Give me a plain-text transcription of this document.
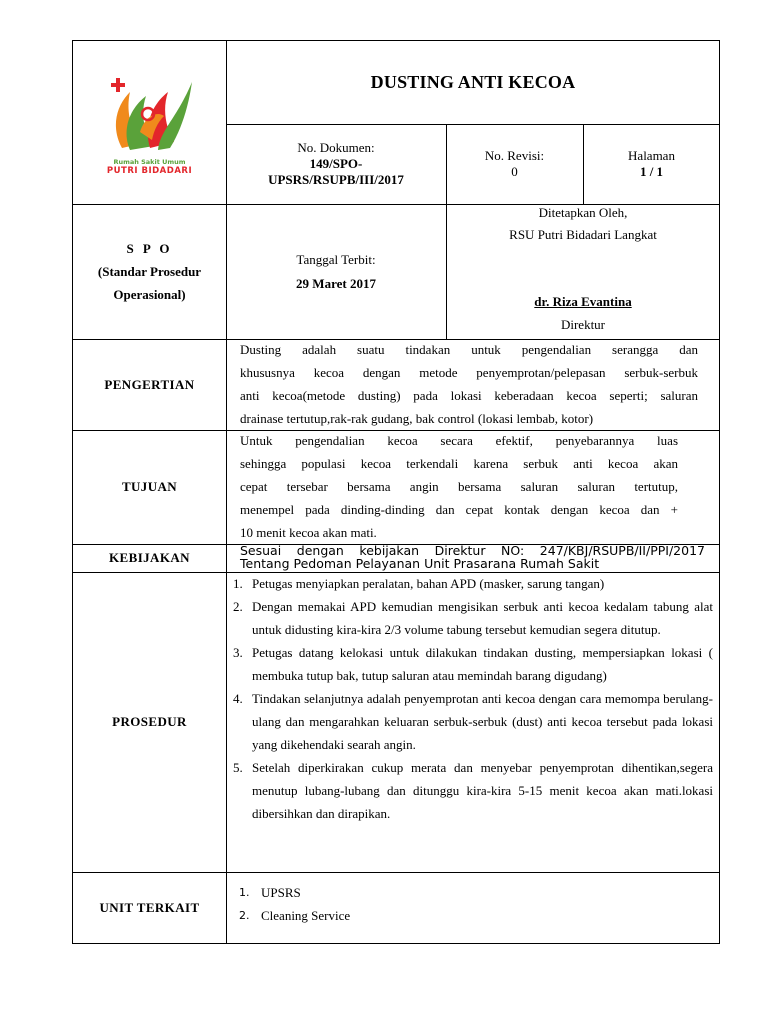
Rumah Sakit Umum
PUTRI BIDADARI
DUSTING ANTI KECOA
No. Dokumen:
149/SPO-
UPSRS/RSUPB/III/2017
No. Revisi:
0
Halaman
1 / 1
S P O
(Standar Prosedur
Operasional)
Tanggal Terbit:
29 Maret 2017
Ditetapkan Oleh,
RSU Putri Bidadari Langkat
dr. Riza Evantina
Direktur
PENGERTIAN
Dusting adalah suatu tindakan untuk pengendalian serangga dan
khususnya kecoa dengan metode penyemprotan/pelepasan serbuk-serbuk
anti kecoa(metode dusting) pada lokasi keberadaan kecoa seperti; saluran
drainase tertutup,rak-rak gudang, bak control (lokasi lembab, kotor)
TUJUAN
Untuk pengendalian kecoa secara efektif, penyebarannya luas
sehingga populasi kecoa terkendali karena serbuk anti kecoa akan
cepat tersebar bersama angin bersama saluran saluran tertutup,
menempel pada dinding-dinding dan cepat kontak dengan kecoa dan +
10 menit kecoa akan mati.
KEBIJAKAN	Sesuai dengan kebijakan Direktur NO: 247/KBJ/RSUPB/II/PPI/2017
Tentang Pedoman Pelayanan Unit Prasarana Rumah Sakit
PROSEDUR
1. Petugas menyiapkan peralatan, bahan APD (masker, sarung tangan)
2. Dengan memakai APD kemudian mengisikan serbuk anti kecoa kedalam tabung alat untuk didusting kira-kira 2/3 volume tabung tersebut kemudian segera ditutup.
3. Petugas datang kelokasi untuk dilakukan tindakan dusting, mempersiapkan lokasi ( membuka tutup bak, tutup saluran atau memindah barang digudang)
4. Tindakan selanjutnya adalah penyemprotan anti kecoa dengan cara memompa berulang-ulang dan mengarahkan keluaran serbuk-serbuk (dust) anti kecoa tersebut pada lokasi yang dikehendaki searah angin.
5. Setelah diperkirakan cukup merata dan menyebar penyemprotan dihentikan,segera menutup lubang-lubang dan ditunggu kira-kira 5-15 menit kecoa akan mati.lokasi dibersihkan dan dirapikan.
UNIT TERKAIT
1. UPSRS
2. Cleaning Service
